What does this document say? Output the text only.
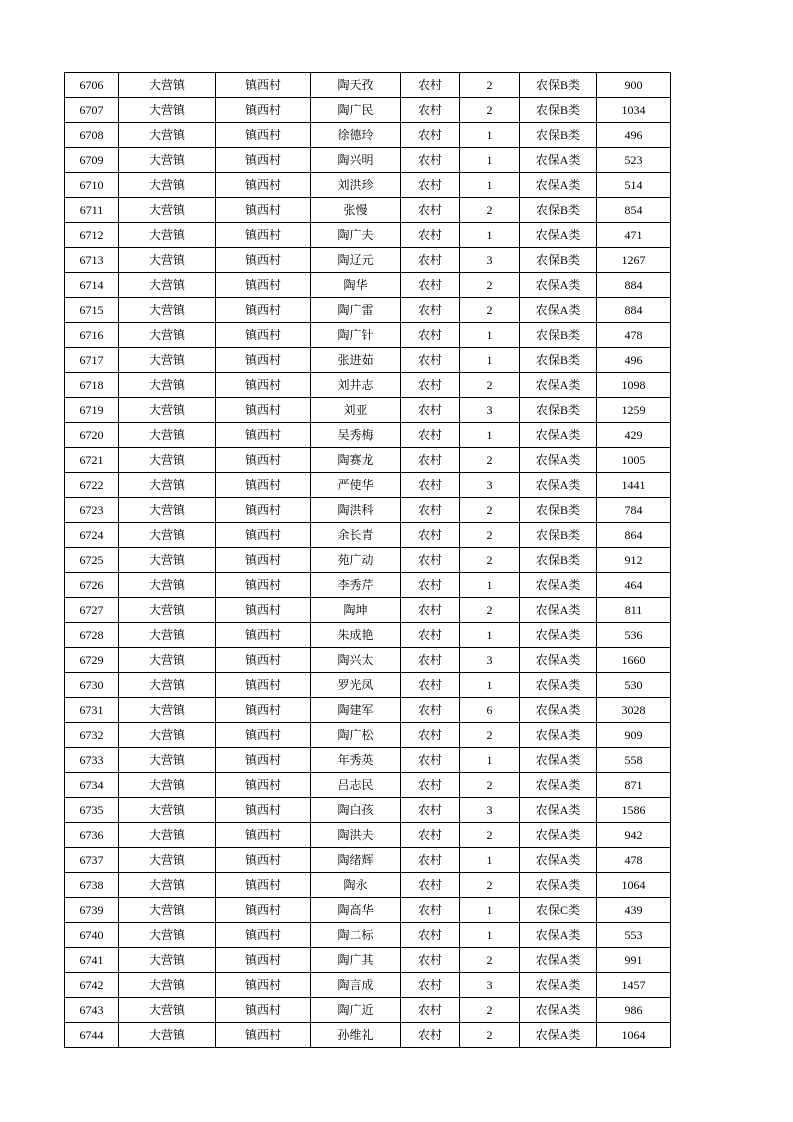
6706	大营镇	镇西村	陶天孜	农村	2	农保B类	900
6707	大营镇	镇西村	陶广民	农村	2	农保B类	1034
6708	大营镇	镇西村	徐德玲	农村	1	农保B类	496
6709	大营镇	镇西村	陶兴明	农村	1	农保A类	523
6710	大营镇	镇西村	刘洪珍	农村	1	农保A类	514
6711	大营镇	镇西村	张慢	农村	2	农保B类	854
6712	大营镇	镇西村	陶广夫	农村	1	农保A类	471
6713	大营镇	镇西村	陶辽元	农村	3	农保B类	1267
6714	大营镇	镇西村	陶华	农村	2	农保A类	884
6715	大营镇	镇西村	陶广雷	农村	2	农保A类	884
6716	大营镇	镇西村	陶广针	农村	1	农保B类	478
6717	大营镇	镇西村	张进茹	农村	1	农保B类	496
6718	大营镇	镇西村	刘井志	农村	2	农保A类	1098
6719	大营镇	镇西村	刘亚	农村	3	农保B类	1259
6720	大营镇	镇西村	吴秀梅	农村	1	农保A类	429
6721	大营镇	镇西村	陶赛龙	农村	2	农保A类	1005
6722	大营镇	镇西村	严使华	农村	3	农保A类	1441
6723	大营镇	镇西村	陶洪科	农村	2	农保B类	784
6724	大营镇	镇西村	余长青	农村	2	农保B类	864
6725	大营镇	镇西村	苑广动	农村	2	农保B类	912
6726	大营镇	镇西村	李秀芹	农村	1	农保A类	464
6727	大营镇	镇西村	陶坤	农村	2	农保A类	811
6728	大营镇	镇西村	朱成艳	农村	1	农保A类	536
6729	大营镇	镇西村	陶兴太	农村	3	农保A类	1660
6730	大营镇	镇西村	罗光凤	农村	1	农保A类	530
6731	大营镇	镇西村	陶建军	农村	6	农保A类	3028
6732	大营镇	镇西村	陶广松	农村	2	农保A类	909
6733	大营镇	镇西村	年秀英	农村	1	农保A类	558
6734	大营镇	镇西村	吕志民	农村	2	农保A类	871
6735	大营镇	镇西村	陶白孩	农村	3	农保A类	1586
6736	大营镇	镇西村	陶洪夫	农村	2	农保A类	942
6737	大营镇	镇西村	陶绪辉	农村	1	农保A类	478
6738	大营镇	镇西村	陶永	农村	2	农保A类	1064
6739	大营镇	镇西村	陶高华	农村	1	农保C类	439
6740	大营镇	镇西村	陶二标	农村	1	农保A类	553
6741	大营镇	镇西村	陶广其	农村	2	农保A类	991
6742	大营镇	镇西村	陶言成	农村	3	农保A类	1457
6743	大营镇	镇西村	陶广近	农村	2	农保A类	986
6744	大营镇	镇西村	孙维礼	农村	2	农保A类	1064
